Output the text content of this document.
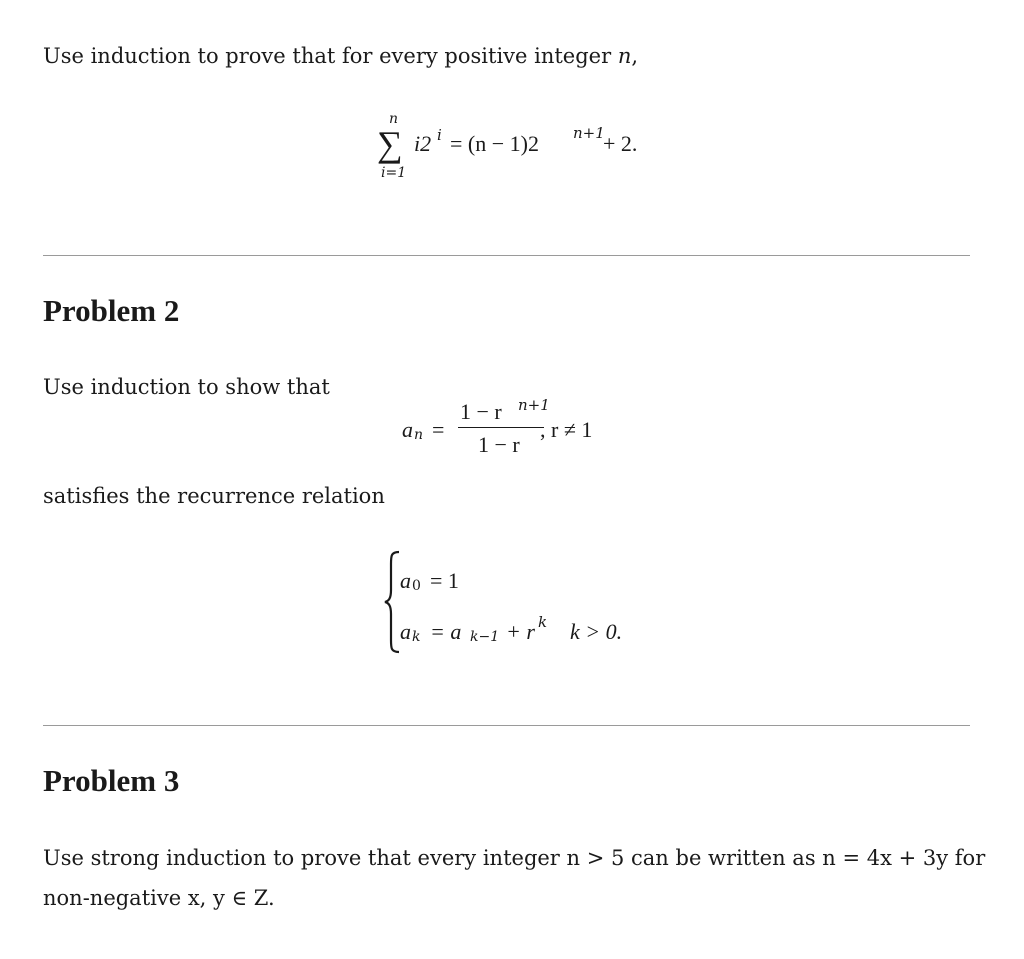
Use induction to prove that for every positive integer n,
n
∑
i=1
i2 i = (n − 1)2 n+1
+ 2.
Problem 2
Use induction to show that
a n =
1 − r n+1
1 − r
, r ≠ 1
satisfies the recurrence relation
a 0 = 1
a k = a k−1 + r k k > 0.
Problem 3
Use strong induction to prove that every integer n > 5 can be written as n = 4x + 3y for
non-negative x, y ∈ Z.
